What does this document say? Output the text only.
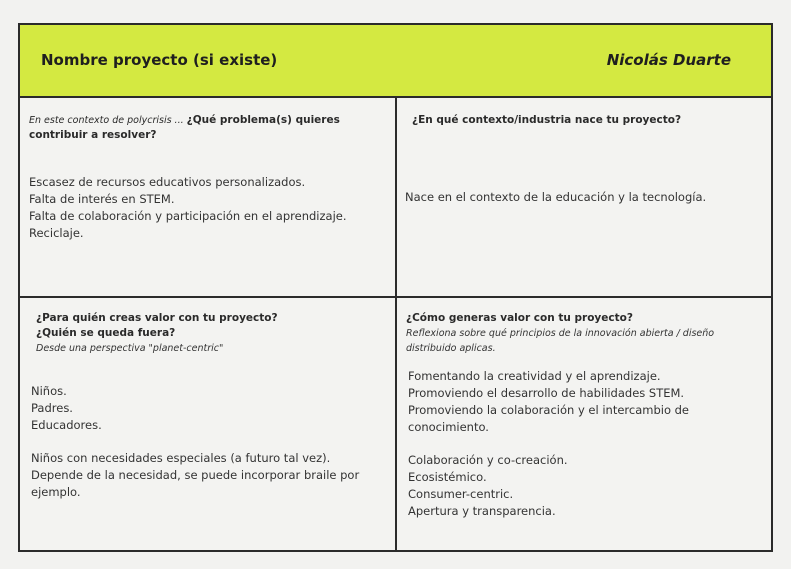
Nombre proyecto (si existe)	Nicolás Duarte
En este contexto de polycrisis ... ¿Qué problema(s) quieres contribuir a resolver?
Escasez de recursos educativos personalizados.
Falta de interés en STEM.
Falta de colaboración y participación en el aprendizaje.
Reciclaje.
¿En qué contexto/industria nace tu proyecto?
Nace en el contexto de la educación y la tecnología.
¿Para quién creas valor con tu proyecto?
¿Quién se queda fuera?
Desde una perspectiva "planet-centric"
Niños.
Padres.
Educadores.
Niños con necesidades especiales (a futuro tal vez).
Depende de la necesidad, se puede incorporar braile por ejemplo.
¿Cómo generas valor con tu proyecto?
Reflexiona sobre qué principios de la innovación abierta / diseño distribuido aplicas.
Fomentando la creatividad y el aprendizaje.
Promoviendo el desarrollo de habilidades STEM.
Promoviendo la colaboración y el intercambio de conocimiento.
Colaboración y co-creación.
Ecosistémico.
Consumer-centric.
Apertura y transparencia.
